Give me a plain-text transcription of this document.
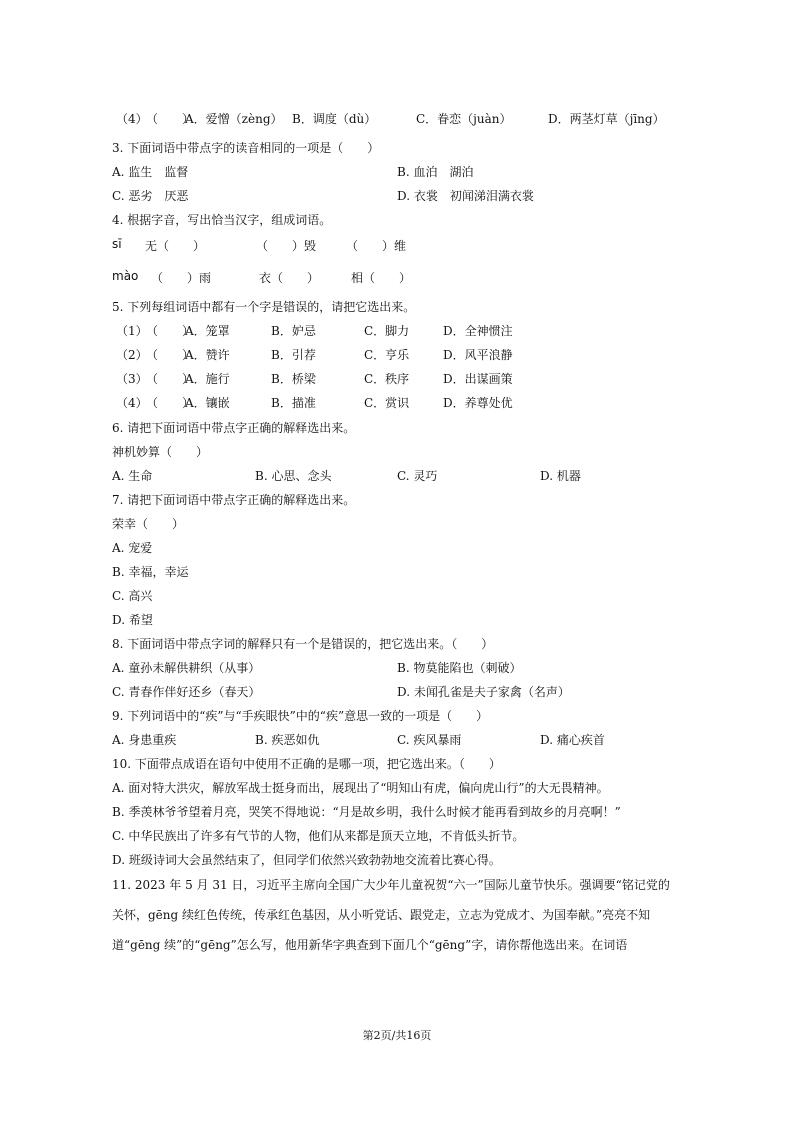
（4）
（　　）
A．爱憎（zèng） B．调度（dù）	C．眷恋（juàn）	D．两茎灯草（jīng）
3. 下面词语中带点字的读音相同的一项是（　　）
A. 监生　监督	B. 血泊　湖泊
C. 恶劣　厌恶	D. 衣裳　初闻涕泪满衣裳
4. 根据字音，写出恰当汉字，组成词语。
sī 无（　　）	（　　）毁 （　　）维
mào （　　）雨	衣（　　）	相（　　）
5. 下列每组词语中都有一个字是错误的，请把它选出来。
（1）
（　　）
A．笼罩	B．妒忌	C．脚力	D．全神惯注
（2）
（　　）
A．赞许	B．引荐	C．亨乐	D．风平浪静
（3）
（　　）
A．施行	B．桥梁	C．秩序	D．出谋画策
（4）
（　　）
A．镶嵌	B．描准	C．赏识	D．养尊处优
6. 请把下面词语中带点字正确的解释选出来。
神机妙算（　　）
A. 生命	B. 心思、念头	C. 灵巧	D. 机器
7. 请把下面词语中带点字正确的解释选出来。
荣幸（　　）
A. 宠爱
B. 幸福，幸运
C. 高兴
D. 希望
8. 下面词语中带点字词的解释只有一个是错误的，把它选出来。（　　）
A. 童孙未解供耕织（从事）	B. 物莫能陷也（刺破）
C. 青春作伴好还乡（春天）	D. 未闻孔雀是夫子家禽（名声）
9. 下列词语中的“疾”与“手疾眼快”中的“疾”意思一致的一项是（　　）
A. 身患重疾	B. 疾恶如仇	C. 疾风暴雨	D. 痛心疾首
10. 下面带点成语在语句中使用不正确的是哪一项，把它选出来。（　　）
A. 面对特大洪灾，解放军战士挺身而出，展现出了“明知山有虎，偏向虎山行”的大无畏精神。
B. 季羡林爷爷望着月亮，哭笑不得地说：“月是故乡明，我什么时候才能再看到故乡的月亮啊！”
C. 中华民族出了许多有气节的人物，他们从来都是顶天立地，不肯低头折节。
D. 班级诗词大会虽然结束了，但同学们依然兴致勃勃地交流着比赛心得。
11. 2023 年 5 月 31 日，习近平主席向全国广大少年儿童祝贺“六一”国际儿童节快乐。强调要“铭记党的
关怀，gēng 续红色传统，传承红色基因，从小听党话、跟党走，立志为党成才、为国奉献。”亮亮不知
道“gēng 续”的“gēng”怎么写，他用新华字典查到下面几个“gēng”字，请你帮他选出来。在词语
第2页/共16页
